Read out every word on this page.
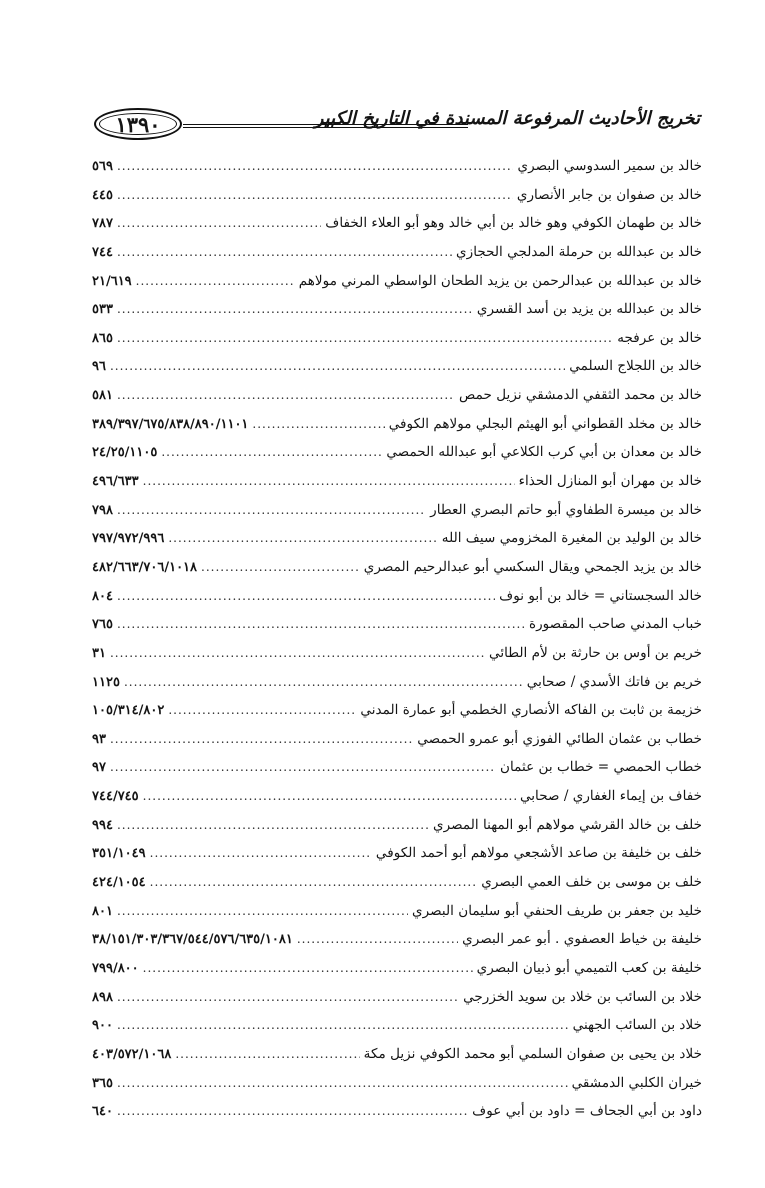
١٣٩٠	تخريج الأحاديث المرفوعة المسندة في التاريخ الكبير
خالد بن سمير السدوسي البصري
.....
٥٦٩
خالد بن صفوان بن جابر الأنصاري
.....
٤٤٥
خالد بن طهمان الكوفي وهو خالد بن أبي خالد وهو أبو العلاء الخفاف
.....
٧٨٧
خالد بن عبدالله بن حرملة المدلجي الحجازي
.....
٧٤٤
خالد بن عبدالله بن عبدالرحمن بن يزيد الطحان الواسطي المرني مولاهم
.....
٢١/٦١٩
خالد بن عبدالله بن يزيد بن أسد القسري
.....
٥٣٣
خالد بن عرفجه
.....
٨٦٥
خالد بن اللجلاج السلمي
.....
٩٦
خالد بن محمد الثقفي الدمشقي نزيل حمص
.....
٥٨١
خالد بن مخلد القطواني أبو الهيثم البجلي مولاهم الكوفي
.....
٣٨٩/٣٩٧/٦٧٥/٨٣٨/٨٩٠/١١٠١
خالد بن معدان بن أبي كرب الكلاعي أبو عبدالله الحمصي
.....
٢٤/٢٥/١١٠٥
خالد بن مهران أبو المنازل الحذاء
.....
٤٩٦/٦٣٣
خالد بن ميسرة الطفاوي أبو حاتم البصري العطار
.....
٧٩٨
خالد بن الوليد بن المغيرة المخزومي سيف الله
.....
٧٩٧/٩٧٢/٩٩٦
خالد بن يزيد الجمحي ويقال السكسي أبو عبدالرحيم المصري
.....
٤٨٢/٦٦٣/٧٠٦/١٠١٨
خالد السجستاني = خالد بن أبو نوف
.....
٨٠٤
خباب المدني صاحب المقصورة
.....
٧٦٥
خريم بن أوس بن حارثة بن لأم الطائي
.....
٣١
خريم بن فاتك الأسدي / صحابي
.....
١١٢٥
خزيمة بن ثابت بن الفاكه الأنصاري الخطمي أبو عمارة المدني
.....
١٠٥/٣١٤/٨٠٢
خطاب بن عثمان الطائي الفوزي أبو عمرو الحمصي
.....
٩٣
خطاب الحمصي = خطاب بن عثمان
.....
٩٧
خفاف بن إيماء الغفاري / صحابي
.....
٧٤٤/٧٤٥
خلف بن خالد القرشي مولاهم أبو المهنا المصري
.....
٩٩٤
خلف بن خليفة بن صاعد الأشجعي مولاهم أبو أحمد الكوفي
.....
٣٥١/١٠٤٩
خلف بن موسى بن خلف العمي البصري
.....
٤٢٤/١٠٥٤
خليد بن جعفر بن طريف الحنفي أبو سليمان البصري
.....
٨٠١
خليفة بن خياط العصفوي . أبو عمر البصري
.....
٣٨/١٥١/٣٠٣/٣٦٧/٥٤٤/٥٧٦/٦٣٥/١٠٨١
خليفة بن كعب التميمي أبو ذبيان البصري
.....
٧٩٩/٨٠٠
خلاد بن السائب بن خلاد بن سويد الخزرجي
.....
٨٩٨
خلاد بن السائب الجهني
.....
٩٠٠
خلاد بن يحيى بن صفوان السلمي أبو محمد الكوفي نزيل مكة
.....
٤٠٣/٥٧٢/١٠٦٨
خيران الكلبي الدمشقي
.....
٣٦٥
داود بن أبي الجحاف = داود بن أبي عوف
.....
٦٤٠
